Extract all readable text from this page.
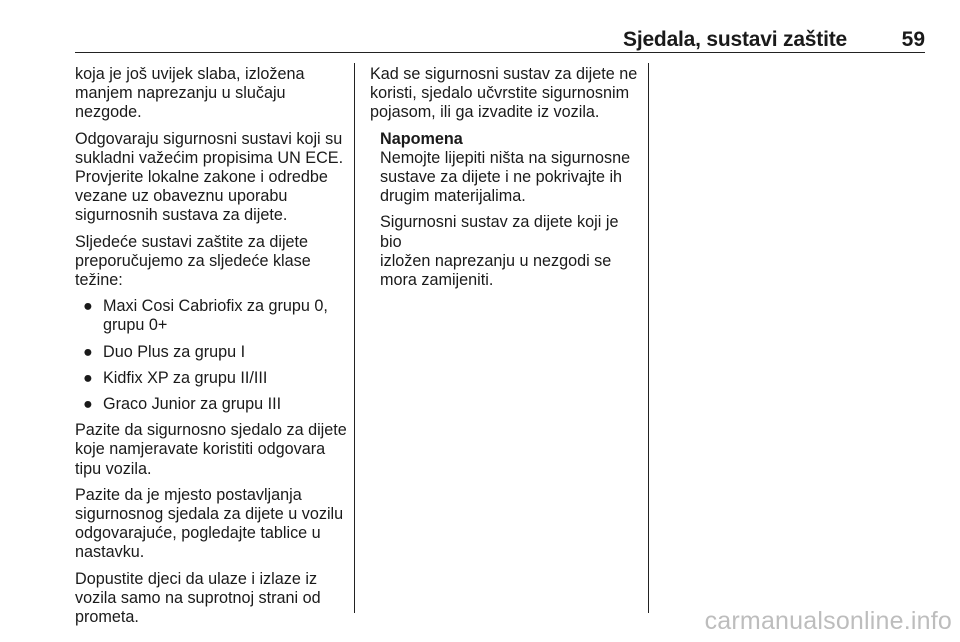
Sjedala, sustavi zaštite	59

koja je još uvijek slaba, izložena
manjem naprezanju u slučaju
nezgode.

Odgovaraju sigurnosni sustavi koji su
sukladni važećim propisima UN ECE.
Provjerite lokalne zakone i odredbe
vezane uz obaveznu uporabu
sigurnosnih sustava za dijete.

Sljedeće sustavi zaštite za dijete
preporučujemo za sljedeće klase
težine:

● Maxi Cosi Cabriofix za grupu 0,
grupu 0+
● Duo Plus za grupu I
● Kidfix XP za grupu II/III
● Graco Junior za grupu III

Pazite da sigurnosno sjedalo za dijete
koje namjeravate koristiti odgovara
tipu vozila.

Pazite da je mjesto postavljanja
sigurnosnog sjedala za dijete u vozilu
odgovarajuće, pogledajte tablice u
nastavku.

Dopustite djeci da ulaze i izlaze iz
vozila samo na suprotnoj strani od
prometa.

Kad se sigurnosni sustav za dijete ne
koristi, sjedalo učvrstite sigurnosnim
pojasom, ili ga izvadite iz vozila.

Napomena

Nemojte lijepiti ništa na sigurnosne
sustave za dijete i ne pokrivajte ih
drugim materijalima.

Sigurnosni sustav za dijete koji je bio
izložen naprezanju u nezgodi se
mora zamijeniti.

carmanualsonline.info
